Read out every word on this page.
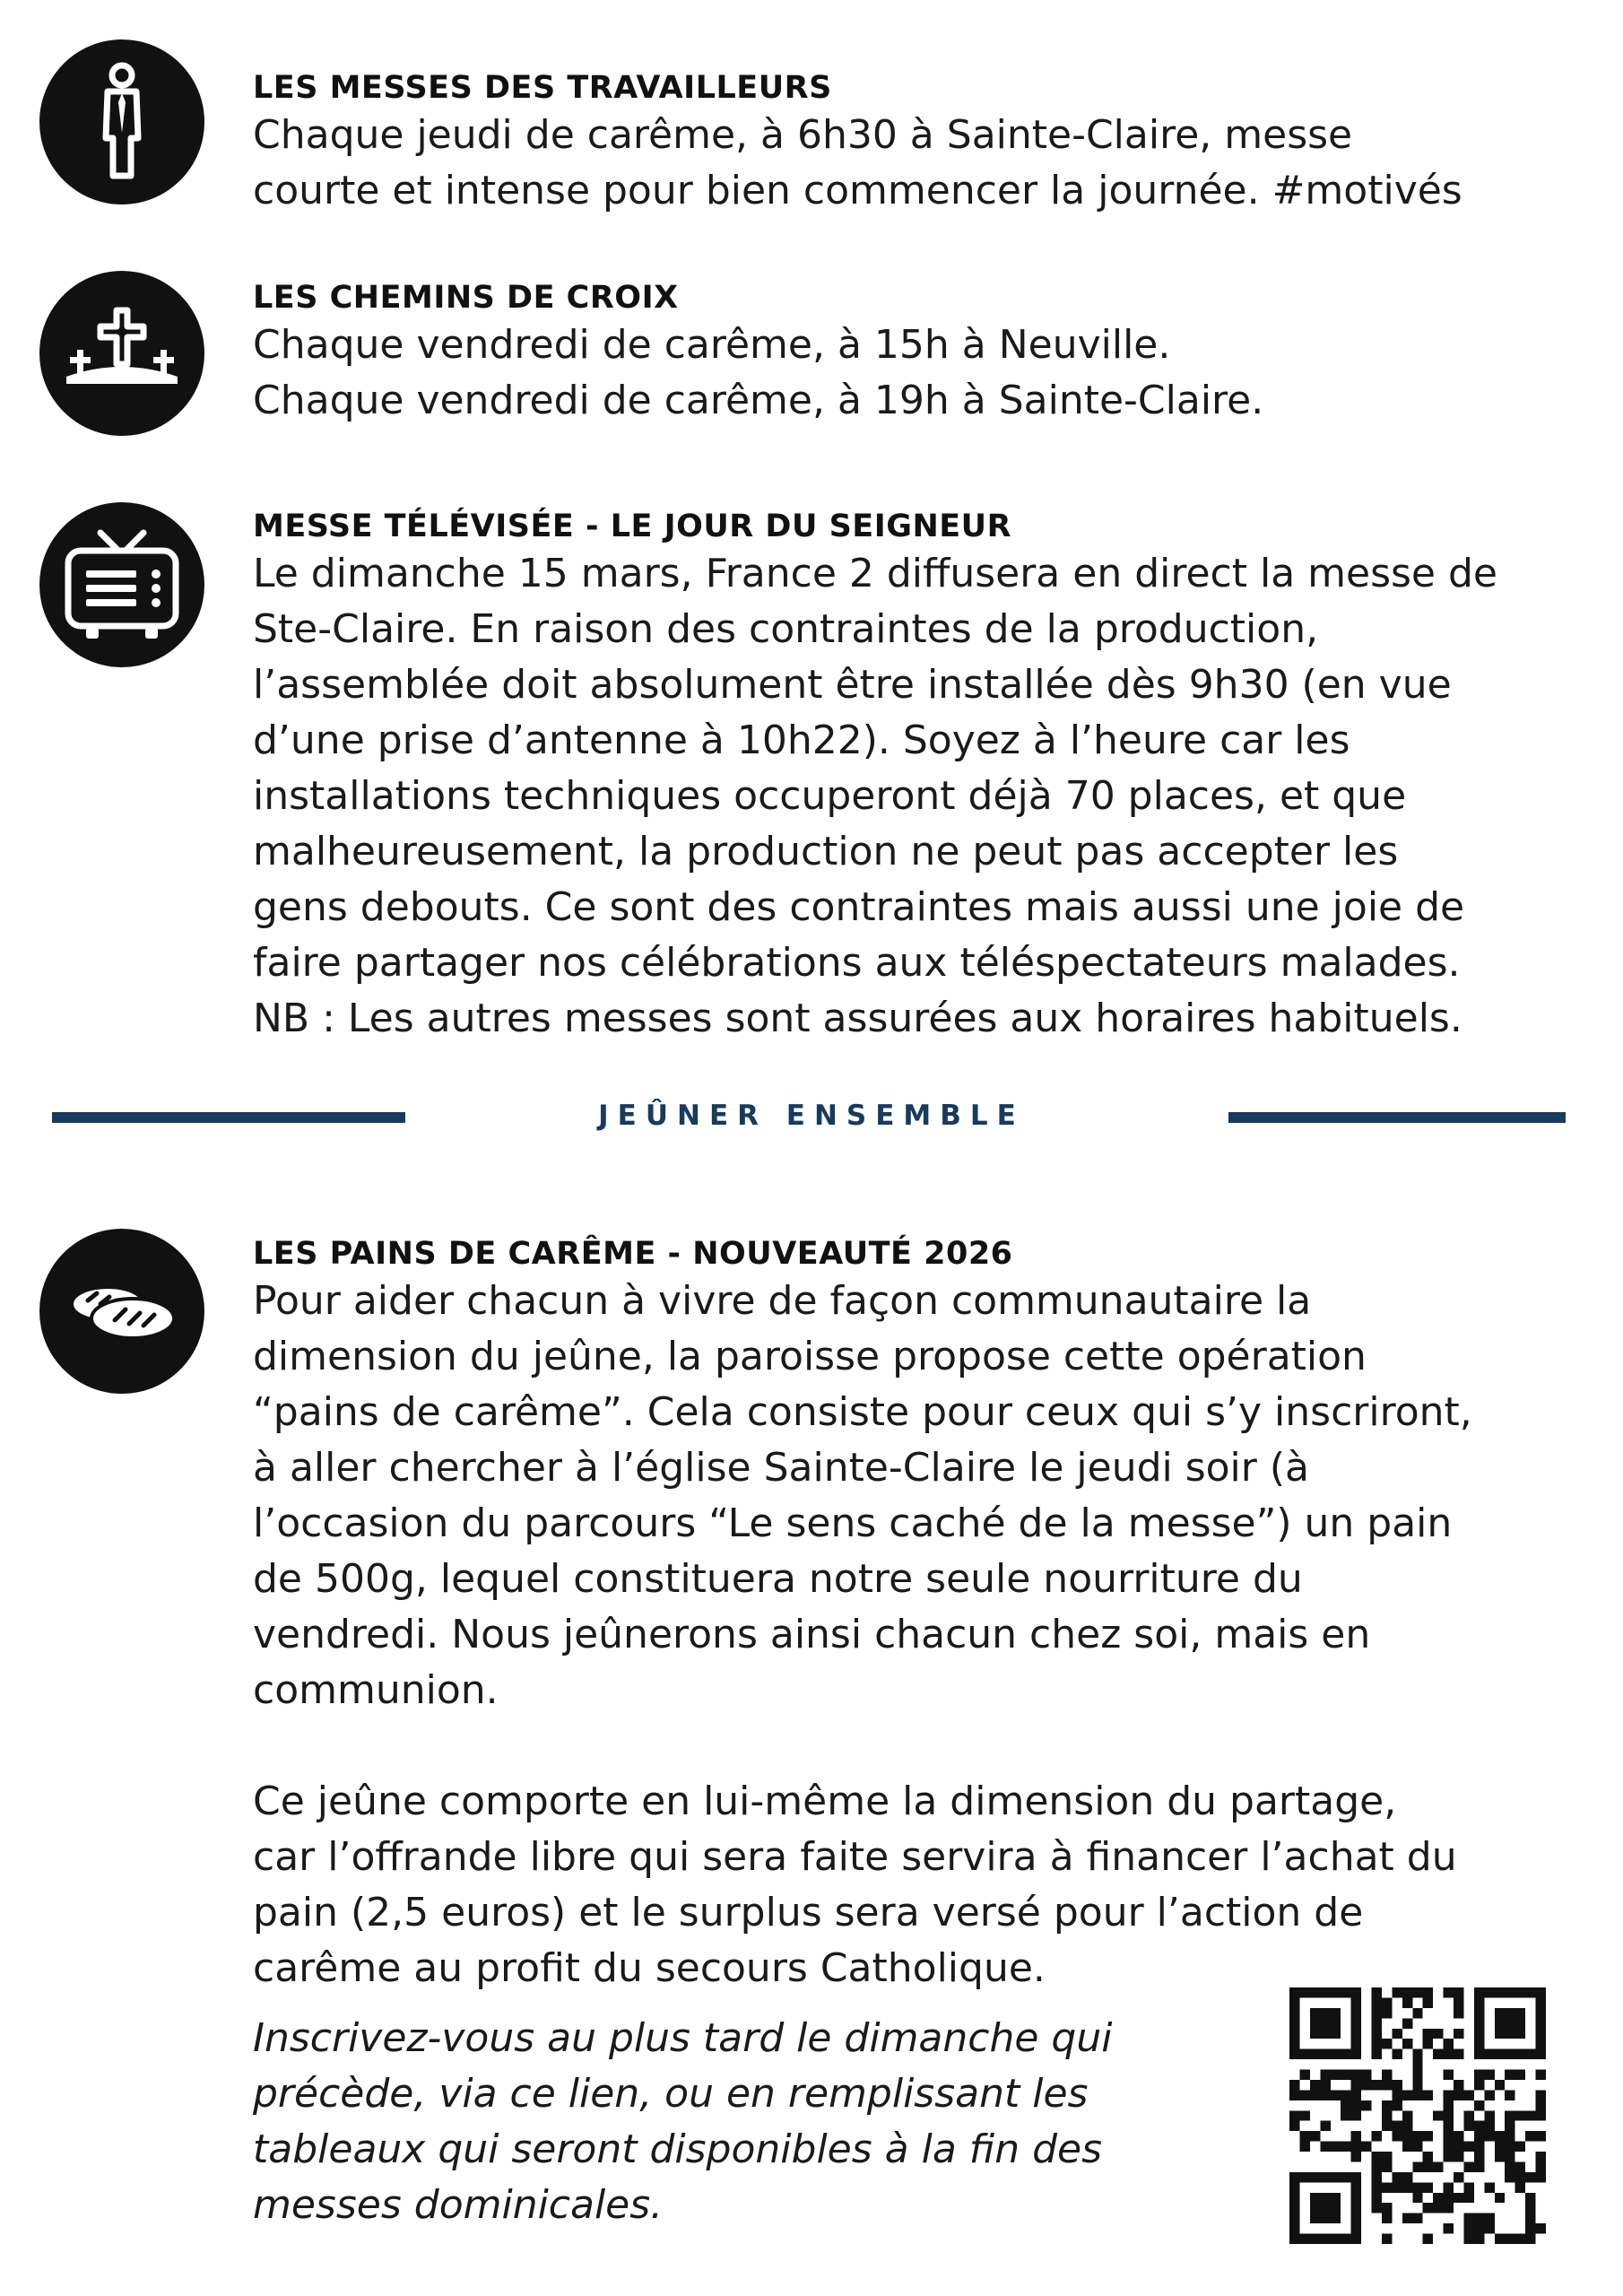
LES MESSES DES TRAVAILLEURS

Chaque jeudi de carême, à 6h30 à Sainte-Claire, messe
courte et intense pour bien commencer la journée. #motivés

LES CHEMINS DE CROIX

Chaque vendredi de carême, à 15h à Neuville.
Chaque vendredi de carême, à 19h à Sainte-Claire.

MESSE TÉLÉVISÉE - LE JOUR DU SEIGNEUR

Le dimanche 15 mars, France 2 diffusera en direct la messe de
Ste-Claire. En raison des contraintes de la production,
l’assemblée doit absolument être installée dès 9h30 (en vue
d’une prise d’antenne à 10h22). Soyez à l’heure car les
installations techniques occuperont déjà 70 places, et que
malheureusement, la production ne peut pas accepter les
gens debouts. Ce sont des contraintes mais aussi une joie de
faire partager nos célébrations aux téléspectateurs malades.
NB : Les autres messes sont assurées aux horaires habituels.

JEÛNER ENSEMBLE
LES PAINS DE CARÊME - NOUVEAUTÉ 2026

Pour aider chacun à vivre de façon communautaire la
dimension du jeûne, la paroisse propose cette opération
“pains de carême”. Cela consiste pour ceux qui s’y inscriront,
à aller chercher à l’église Sainte-Claire le jeudi soir (à
l’occasion du parcours “Le sens caché de la messe”) un pain
de 500g, lequel constituera notre seule nourriture du
vendredi. Nous jeûnerons ainsi chacun chez soi, mais en
communion.

Ce jeûne comporte en lui-même la dimension du partage,
car l’offrande libre qui sera faite servira à financer l’achat du
pain (2,5 euros) et le surplus sera versé pour l’action de
carême au profit du secours Catholique.

Inscrivez-vous au plus tard le dimanche qui
précède, via ce lien, ou en remplissant les
tableaux qui seront disponibles à la fin des
messes dominicales.
